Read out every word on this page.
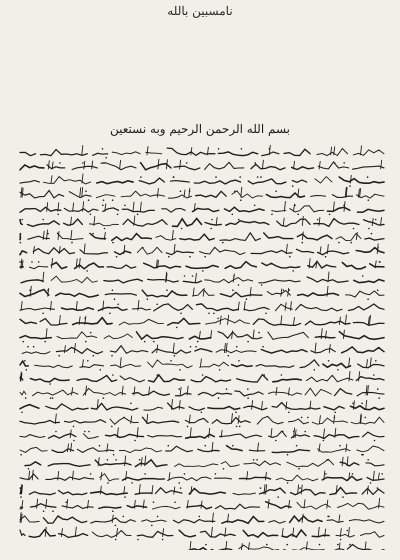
نامسبين بالله
بسم الله الرحمن الرحيم وبه نستعين
